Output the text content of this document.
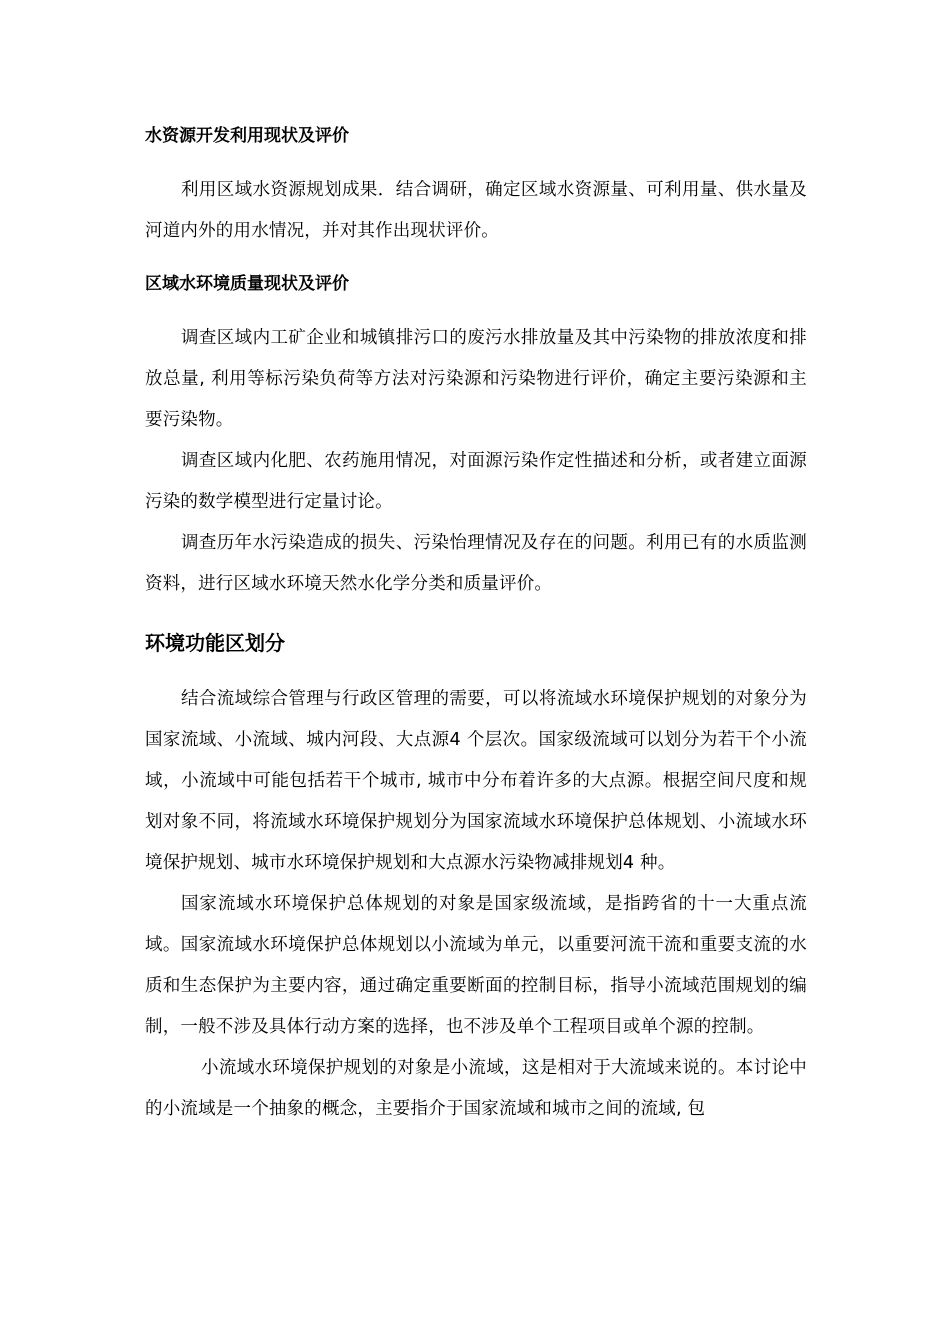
水资源开发利用现状及评价

利用区域水资源规划成果．结合调研，确定区域水资源量、可利用量、供水量及河道内外的用水情况，并对其作出现状评价。

区域水环境质量现状及评价

调查区域内工矿企业和城镇排污口的废污水排放量及其中污染物的排放浓度和排放总量, 利用等标污染负荷等方法对污染源和污染物进行评价，确定主要污染源和主要污染物。

调查区域内化肥、农药施用情况，对面源污染作定性描述和分析，或者建立面源污染的数学模型进行定量讨论。

调查历年水污染造成的损失、污染怡理情况及存在的问题。利用已有的水质监测资料，进行区域水环境天然水化学分类和质量评价。

环境功能区划分

结合流域综合管理与行政区管理的需要，可以将流域水环境保护规划的对象分为国家流域、小流域、城内河段、大点源4 个层次。国家级流域可以划分为若干个小流域，小流域中可能包括若干个城市, 城市中分布着许多的大点源。根据空间尺度和规划对象不同，将流域水环境保护规划分为国家流域水环境保护总体规划、小流域水环境保护规划、城市水环境保护规划和大点源水污染物减排规划4 种。

国家流域水环境保护总体规划的对象是国家级流域，是指跨省的十一大重点流域。国家流域水环境保护总体规划以小流域为单元，以重要河流干流和重要支流的水质和生态保护为主要内容，通过确定重要断面的控制目标，指导小流域范围规划的编制，一般不涉及具体行动方案的选择，也不涉及单个工程项目或单个源的控制。

小流域水环境保护规划的对象是小流域，这是相对于大流域来说的。本讨论中的小流域是一个抽象的概念，主要指介于国家流域和城市之间的流域, 包
